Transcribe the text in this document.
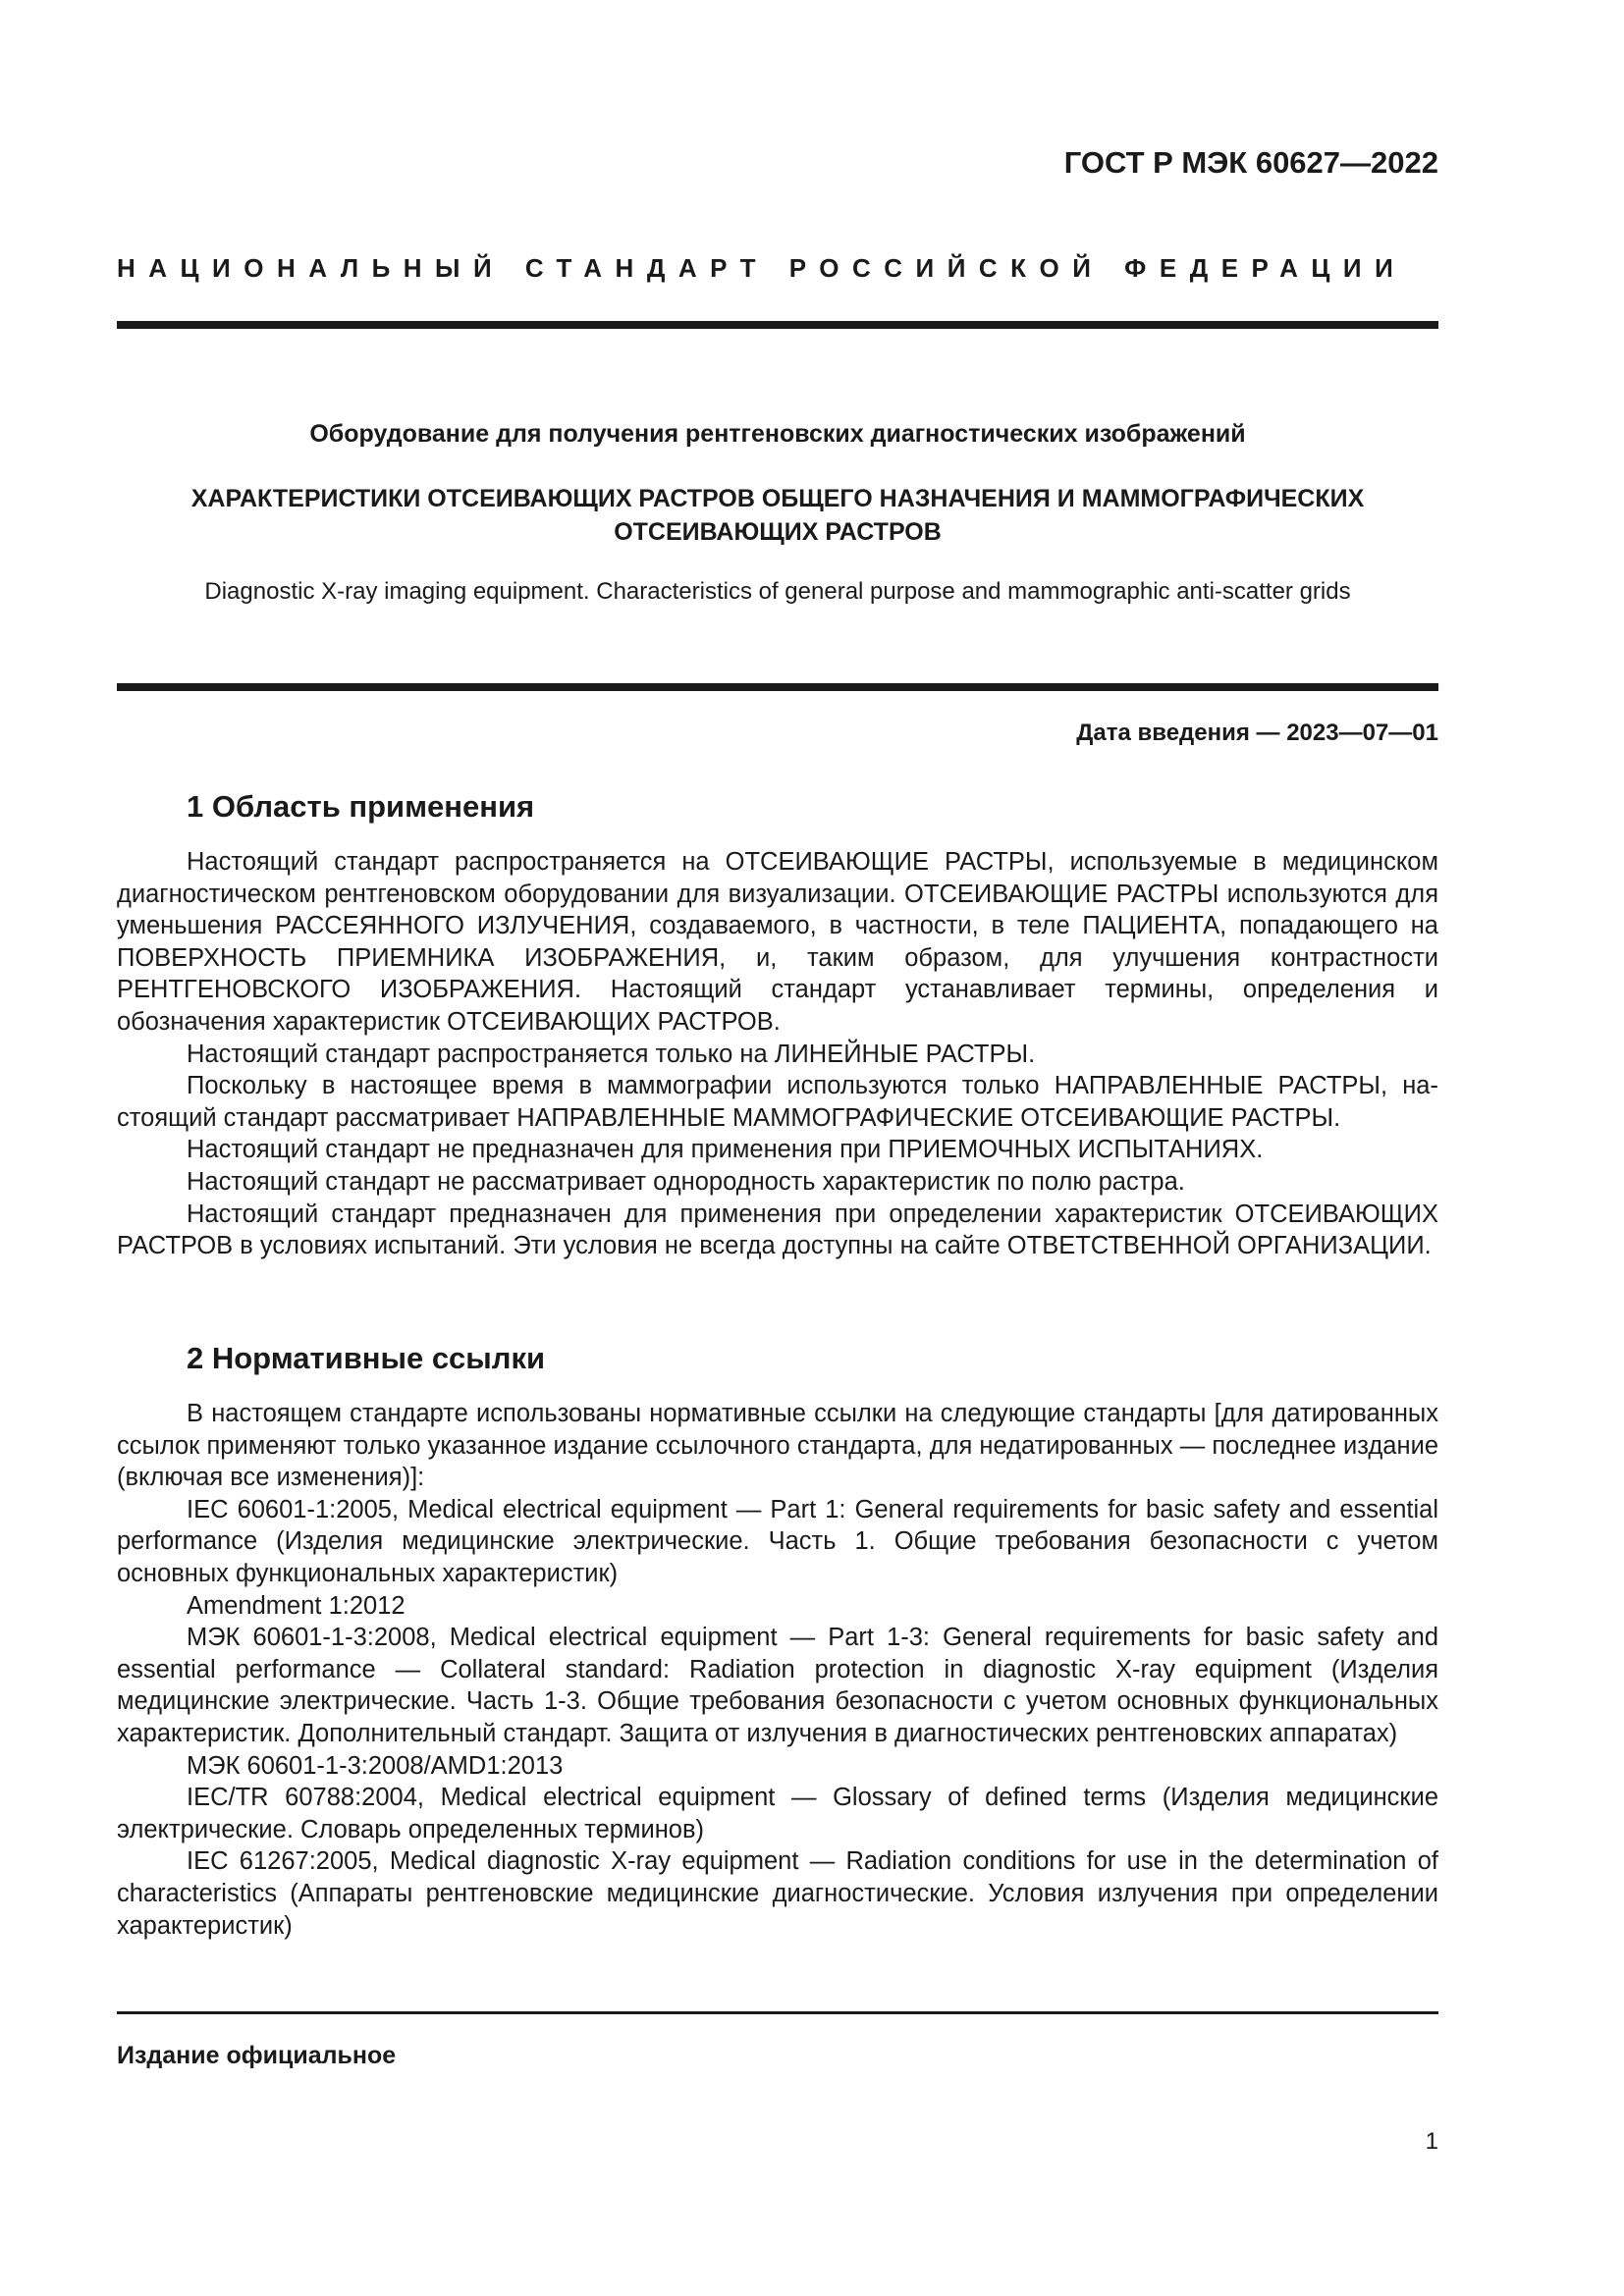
ГОСТ Р МЭК 60627—2022
НАЦИОНАЛЬНЫЙ СТАНДАРТ РОССИЙСКОЙ ФЕДЕРАЦИИ
Оборудование для получения рентгеновских диагностических изображений
ХАРАКТЕРИСТИКИ ОТСЕИВАЮЩИХ РАСТРОВ ОБЩЕГО НАЗНАЧЕНИЯ И МАММОГРАФИЧЕСКИХ
ОТСЕИВАЮЩИХ РАСТРОВ
Diagnostic X-ray imaging equipment. Characteristics of general purpose and mammographic anti-scatter grids
Дата введения — 2023—07—01
1 Область применения

Настоящий стандарт распространяется на ОТСЕИВАЮЩИЕ РАСТРЫ, используемые в медицинском диагностическом рентгеновском оборудовании для визуализации. ОТСЕИВАЮЩИЕ РАСТРЫ используются для уменьшения РАССЕЯННОГО ИЗЛУЧЕНИЯ, создаваемого, в частности, в теле ПАЦИЕНТА, попадающего на ПОВЕРХНОСТЬ ПРИЕМНИКА ИЗОБРАЖЕНИЯ, и, таким образом, для улучшения контрастности РЕНТГЕНОВСКОГО ИЗОБРАЖЕНИЯ. Настоящий стандарт устанавливает термины, определения и обозначения характеристик ОТСЕИВАЮЩИХ РАСТРОВ.

Настоящий стандарт распространяется только на ЛИНЕЙНЫЕ РАСТРЫ.

Поскольку в настоящее время в маммографии используются только НАПРАВЛЕННЫЕ РАСТРЫ, настоящий стандарт рассматривает НАПРАВЛЕННЫЕ МАММОГРАФИЧЕСКИЕ ОТСЕИВАЮЩИЕ РАСТРЫ.

Настоящий стандарт не предназначен для применения при ПРИЕМОЧНЫХ ИСПЫТАНИЯХ.

Настоящий стандарт не рассматривает однородность характеристик по полю растра.

Настоящий стандарт предназначен для применения при определении характеристик ОТСЕИВАЮЩИХ РАСТРОВ в условиях испытаний. Эти условия не всегда доступны на сайте ОТВЕТСТВЕННОЙ ОРГАНИЗАЦИИ.

2 Нормативные ссылки

В настоящем стандарте использованы нормативные ссылки на следующие стандарты [для датированных ссылок применяют только указанное издание ссылочного стандарта, для недатированных — последнее издание (включая все изменения)]:

IEC 60601-1:2005, Medical electrical equipment — Part 1: General requirements for basic safety and essential performance (Изделия медицинские электрические. Часть 1. Общие требования безопасности с учетом основных функциональных характеристик)

Amendment 1:2012

МЭК 60601-1-3:2008, Medical electrical equipment — Part 1-3: General requirements for basic safety and essential performance — Collateral standard: Radiation protection in diagnostic X-ray equipment (Изделия медицинские электрические. Часть 1-3. Общие требования безопасности с учетом основных функциональных характеристик. Дополнительный стандарт. Защита от излучения в диагностических рентгеновских аппаратах)

МЭК 60601-1-3:2008/AMD1:2013

IEC/TR 60788:2004, Medical electrical equipment — Glossary of defined terms (Изделия медицинские электрические. Словарь определенных терминов)

IEC 61267:2005, Medical diagnostic X-ray equipment — Radiation conditions for use in the determination of characteristics (Аппараты рентгеновские медицинские диагностические. Условия излучения при определении характеристик)

Издание официальное
1
